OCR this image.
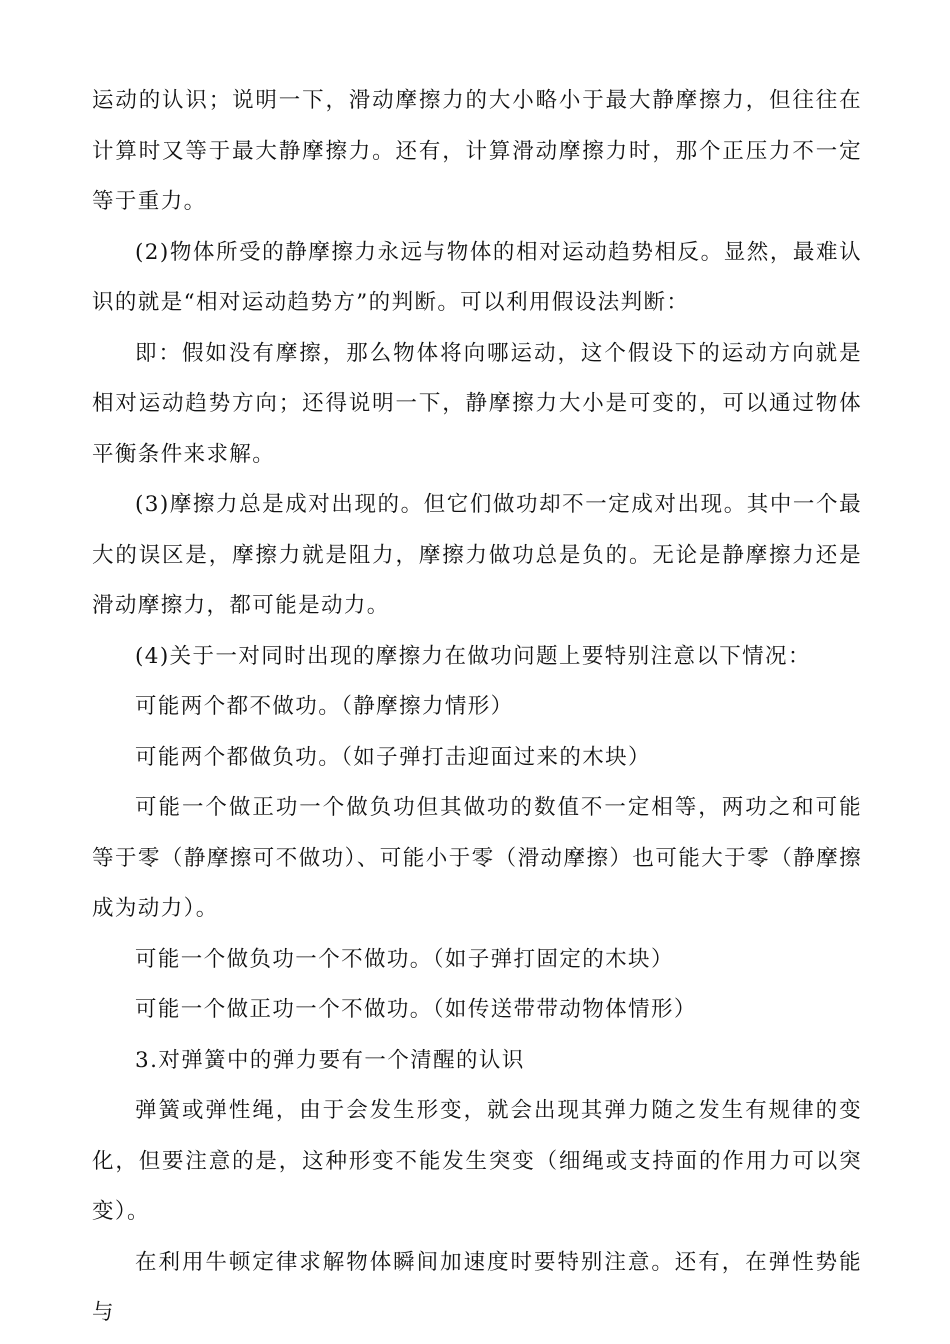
运动的认识；说明一下，滑动摩擦力的大小略小于最大静摩擦力，但往往在计算时又等于最大静摩擦力。还有，计算滑动摩擦力时，那个正压力不一定等于重力。

(2)物体所受的静摩擦力永远与物体的相对运动趋势相反。显然，最难认识的就是“相对运动趋势方”的判断。可以利用假设法判断：

即：假如没有摩擦，那么物体将向哪运动，这个假设下的运动方向就是相对运动趋势方向；还得说明一下，静摩擦力大小是可变的，可以通过物体平衡条件来求解。

(3)摩擦力总是成对出现的。但它们做功却不一定成对出现。其中一个最大的误区是，摩擦力就是阻力，摩擦力做功总是负的。无论是静摩擦力还是滑动摩擦力，都可能是动力。

(4)关于一对同时出现的摩擦力在做功问题上要特别注意以下情况：

可能两个都不做功。（静摩擦力情形）

可能两个都做负功。（如子弹打击迎面过来的木块）

可能一个做正功一个做负功但其做功的数值不一定相等，两功之和可能等于零（静摩擦可不做功）、可能小于零（滑动摩擦）也可能大于零（静摩擦成为动力）。

可能一个做负功一个不做功。（如子弹打固定的木块）

可能一个做正功一个不做功。（如传送带带动物体情形）

3.对弹簧中的弹力要有一个清醒的认识

弹簧或弹性绳，由于会发生形变，就会出现其弹力随之发生有规律的变化，但要注意的是，这种形变不能发生突变（细绳或支持面的作用力可以突变）。

在利用牛顿定律求解物体瞬间加速度时要特别注意。还有，在弹性势能与
